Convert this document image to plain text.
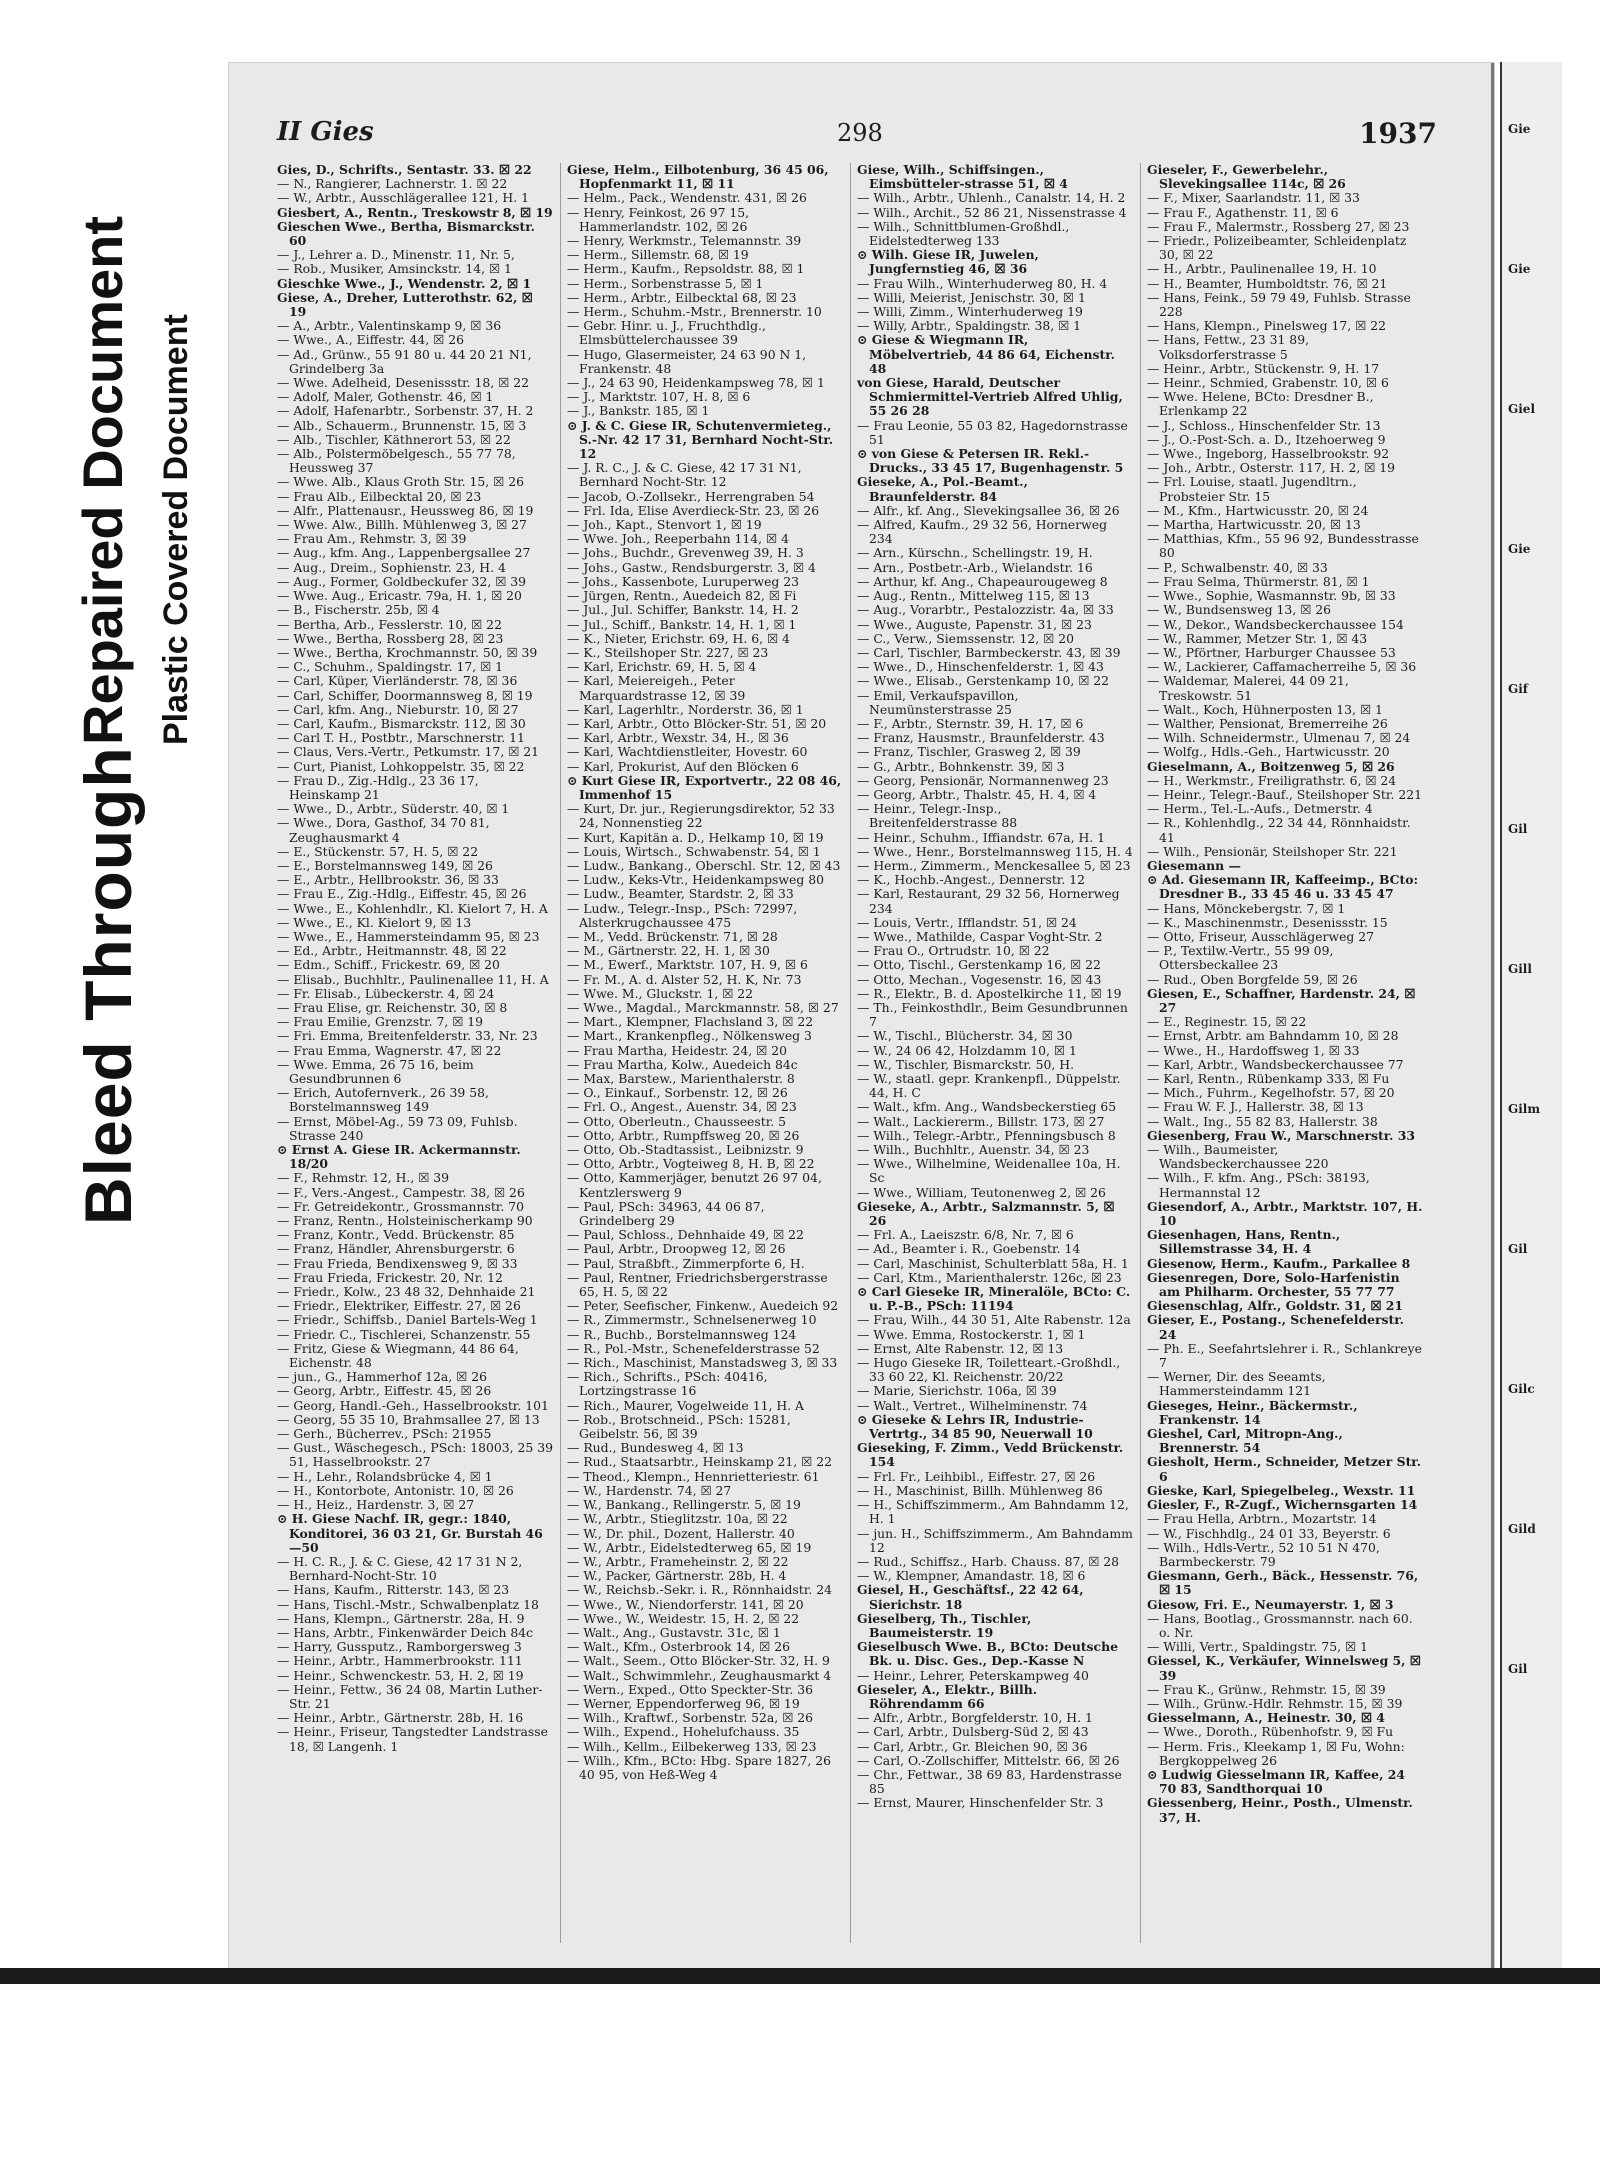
Bleed Through
Repaired Document Plastic Covered Document
II Gies	298	1937

Gies, D., Schrifts., Sentastr. 33. ☒ 22

— N., Rangierer, Lachnerstr. 1. ☒ 22

— W., Arbtr., Ausschlägerallee 121, H. 1

Giesbert, A., Rentn., Treskowstr 8, ☒ 19

Gieschen Wwe., Bertha, Bismarckstr. 60

— J., Lehrer a. D., Minenstr. 11, Nr. 5,

— Rob., Musiker, Amsinckstr. 14, ☒ 1

Gieschke Wwe., J., Wendenstr. 2, ☒ 1

Giese, A., Dreher, Lutterothstr. 62, ☒ 19

— A., Arbtr., Valentinskamp 9, ☒ 36

— Wwe., A., Eiffestr. 44, ☒ 26

— Ad., Grünw., 55 91 80 u. 44 20 21 N1, Grindelberg 3a

— Wwe. Adelheid, Desenissstr. 18, ☒ 22

— Adolf, Maler, Gothenstr. 46, ☒ 1

— Adolf, Hafenarbtr., Sorbenstr. 37, H. 2

— Alb., Schauerm., Brunnenstr. 15, ☒ 3

— Alb., Tischler, Käthnerort 53, ☒ 22

— Alb., Polstermöbelgesch., 55 77 78, Heussweg 37

— Wwe. Alb., Klaus Groth Str. 15, ☒ 26

— Frau Alb., Eilbecktal 20, ☒ 23

— Alfr., Plattenausr., Heussweg 86, ☒ 19

— Wwe. Alw., Billh. Mühlenweg 3, ☒ 27

— Frau Am., Rehmstr. 3, ☒ 39

— Aug., kfm. Ang., Lappenbergsallee 27

— Aug., Dreim., Sophienstr. 23, H. 4

— Aug., Former, Goldbeckufer 32, ☒ 39

— Wwe. Aug., Ericastr. 79a, H. 1, ☒ 20

— B., Fischerstr. 25b, ☒ 4

— Bertha, Arb., Fesslerstr. 10, ☒ 22

— Wwe., Bertha, Rossberg 28, ☒ 23

— Wwe., Bertha, Krochmannstr. 50, ☒ 39

— C., Schuhm., Spaldingstr. 17, ☒ 1

— Carl, Küper, Vierländerstr. 78, ☒ 36

— Carl, Schiffer, Doormannsweg 8, ☒ 19

— Carl, kfm. Ang., Nieburstr. 10, ☒ 27

— Carl, Kaufm., Bismarckstr. 112, ☒ 30

— Carl T. H., Postbtr., Marschnerstr. 11

— Claus, Vers.-Vertr., Petkumstr. 17, ☒ 21

— Curt, Pianist, Lohkoppelstr. 35, ☒ 22

— Frau D., Zig.-Hdlg., 23 36 17, Heinskamp 21

— Wwe., D., Arbtr., Süderstr. 40, ☒ 1

— Wwe., Dora, Gasthof, 34 70 81, Zeughausmarkt 4

— E., Stückenstr. 57, H. 5, ☒ 22

— E., Borstelmannsweg 149, ☒ 26

— E., Arbtr., Hellbrookstr. 36, ☒ 33

— Frau E., Zig.-Hdlg., Eiffestr. 45, ☒ 26

— Wwe., E., Kohlenhdlr., Kl. Kielort 7, H. A

— Wwe., E., Kl. Kielort 9, ☒ 13

— Wwe., E., Hammersteindamm 95, ☒ 23

— Ed., Arbtr., Heitmannstr. 48, ☒ 22

— Edm., Schiff., Frickestr. 69, ☒ 20

— Elisab., Buchhltr., Paulinenallee 11, H. A

— Fr. Elisab., Lübeckerstr. 4, ☒ 24

— Frau Elise, gr. Reichenstr. 30, ☒ 8

— Frau Emilie, Grenzstr. 7, ☒ 19

— Fri. Emma, Breitenfelderstr. 33, Nr. 23

— Frau Emma, Wagnerstr. 47, ☒ 22

— Wwe. Emma, 26 75 16, beim Gesundbrunnen 6

— Erich, Autofernverk., 26 39 58, Borstelmannsweg 149

— Ernst, Möbel-Ag., 59 73 09, Fuhlsb. Strasse 240

⊙ Ernst A. Giese IR. Ackermannstr. 18/20

— F., Rehmstr. 12, H., ☒ 39

— F., Vers.-Angest., Campestr. 38, ☒ 26

— Fr. Getreidekontr., Grossmannstr. 70

— Franz, Rentn., Holsteinischerkamp 90

— Franz, Kontr., Vedd. Brückenstr. 85

— Franz, Händler, Ahrensburgerstr. 6

— Frau Frieda, Bendixensweg 9, ☒ 33

— Frau Frieda, Frickestr. 20, Nr. 12

— Friedr., Kolw., 23 48 32, Dehnhaide 21

— Friedr., Elektriker, Eiffestr. 27, ☒ 26

— Friedr., Schiffsb., Daniel Bartels-Weg 1

— Friedr. C., Tischlerei, Schanzenstr. 55

— Fritz, Giese & Wiegmann, 44 86 64, Eichenstr. 48

— jun., G., Hammerhof 12a, ☒ 26

— Georg, Arbtr., Eiffestr. 45, ☒ 26

— Georg, Handl.-Geh., Hasselbrookstr. 101

— Georg, 55 35 10, Brahmsallee 27, ☒ 13

— Gerh., Bücherrev., PSch: 21955

— Gust., Wäschegesch., PSch: 18003, 25 39 51, Hasselbrookstr. 27

— H., Lehr., Rolandsbrücke 4, ☒ 1

— H., Kontorbote, Antonistr. 10, ☒ 26

— H., Heiz., Hardenstr. 3, ☒ 27

⊙ H. Giese Nachf. IR, gegr.: 1840, Konditorei, 36 03 21, Gr. Burstah 46—50

— H. C. R., J. & C. Giese, 42 17 31 N 2, Bernhard-Nocht-Str. 10

— Hans, Kaufm., Ritterstr. 143, ☒ 23

— Hans, Tischl.-Mstr., Schwalbenplatz 18

— Hans, Klempn., Gärtnerstr. 28a, H. 9

— Hans, Arbtr., Finkenwärder Deich 84c

— Harry, Gussputz., Ramborgersweg 3

— Heinr., Arbtr., Hammerbrookstr. 111

— Heinr., Schwenckestr. 53, H. 2, ☒ 19

— Heinr., Fettw., 36 24 08, Martin Luther-Str. 21

— Heinr., Arbtr., Gärtnerstr. 28b, H. 16

— Heinr., Friseur, Tangstedter Landstrasse 18, ☒ Langenh. 1

Giese, Helm., Eilbotenburg, 36 45 06, Hopfenmarkt 11, ☒ 11

— Helm., Pack., Wendenstr. 431, ☒ 26

— Henry, Feinkost, 26 97 15, Hammerlandstr. 102, ☒ 26

— Henry, Werkmstr., Telemannstr. 39

— Herm., Sillemstr. 68, ☒ 19

— Herm., Kaufm., Repsoldstr. 88, ☒ 1

— Herm., Sorbenstrasse 5, ☒ 1

— Herm., Arbtr., Eilbecktal 68, ☒ 23

— Herm., Schuhm.-Mstr., Brennerstr. 10

— Gebr. Hinr. u. J., Fruchthdlg., Elmsbüttelerchaussee 39

— Hugo, Glasermeister, 24 63 90 N 1, Frankenstr. 48

— J., 24 63 90, Heidenkampsweg 78, ☒ 1

— J., Marktstr. 107, H. 8, ☒ 6

— J., Bankstr. 185, ☒ 1

⊙ J. & C. Giese IR, Schutenvermieteg., S.-Nr. 42 17 31, Bernhard Nocht-Str. 12

— J. R. C., J. & C. Giese, 42 17 31 N1, Bernhard Nocht-Str. 12

— Jacob, O.-Zollsekr., Herrengraben 54

— Frl. Ida, Elise Averdieck-Str. 23, ☒ 26

— Joh., Kapt., Stenvort 1, ☒ 19

— Wwe. Joh., Reeperbahn 114, ☒ 4

— Johs., Buchdr., Grevenweg 39, H. 3

— Johs., Gastw., Rendsburgerstr. 3, ☒ 4

— Johs., Kassenbote, Luruperweg 23

— Jürgen, Rentn., Auedeich 82, ☒ Fi

— Jul., Jul. Schiffer, Bankstr. 14, H. 2

— Jul., Schiff., Bankstr. 14, H. 1, ☒ 1

— K., Nieter, Erichstr. 69, H. 6, ☒ 4

— K., Steilshoper Str. 227, ☒ 23

— Karl, Erichstr. 69, H. 5, ☒ 4

— Karl, Meiereigeh., Peter Marquardstrasse 12, ☒ 39

— Karl, Lagerhltr., Norderstr. 36, ☒ 1

— Karl, Arbtr., Otto Blöcker-Str. 51, ☒ 20

— Karl, Arbtr., Wexstr. 34, H., ☒ 36

— Karl, Wachtdienstleiter, Hovestr. 60

— Karl, Prokurist, Auf den Blöcken 6

⊙ Kurt Giese IR, Exportvertr., 22 08 46, Immenhof 15

— Kurt, Dr. jur., Regierungsdirektor, 52 33 24, Nonnenstieg 22

— Kurt, Kapitän a. D., Helkamp 10, ☒ 19

— Louis, Wirtsch., Schwabenstr. 54, ☒ 1

— Ludw., Bankang., Oberschl. Str. 12, ☒ 43

— Ludw., Keks-Vtr., Heidenkampsweg 80

— Ludw., Beamter, Stardstr. 2, ☒ 33

— Ludw., Telegr.-Insp., PSch: 72997, Alsterkrugchaussee 475

— M., Vedd. Brückenstr. 71, ☒ 28

— M., Gärtnerstr. 22, H. 1, ☒ 30

— M., Ewerf., Marktstr. 107, H. 9, ☒ 6

— Fr. M., A. d. Alster 52, H. K, Nr. 73

— Wwe. M., Gluckstr. 1, ☒ 22

— Wwe., Magdal., Marckmannstr. 58, ☒ 27

— Mart., Klempner, Flachsland 3, ☒ 22

— Mart., Krankenpfleg., Nölkensweg 3

— Frau Martha, Heidestr. 24, ☒ 20

— Frau Martha, Kolw., Auedeich 84c

— Max, Barstew., Marienthalerstr. 8

— O., Einkauf., Sorbenstr. 12, ☒ 26

— Frl. O., Angest., Auenstr. 34, ☒ 23

— Otto, Oberleutn., Chausseestr. 5

— Otto, Arbtr., Rumpffsweg 20, ☒ 26

— Otto, Ob.-Stadtassist., Leibnizstr. 9

— Otto, Arbtr., Vogteiweg 8, H. B, ☒ 22

— Otto, Kammerjäger, benutzt 26 97 04, Kentzlerswerg 9

— Paul, PSch: 34963, 44 06 87, Grindelberg 29

— Paul, Schloss., Dehnhaide 49, ☒ 22

— Paul, Arbtr., Droopweg 12, ☒ 26

— Paul, Straßbft., Zimmerpforte 6, H.

— Paul, Rentner, Friedrichsbergerstrasse 65, H. 5, ☒ 22

— Peter, Seefischer, Finkenw., Auedeich 92

— R., Zimmermstr., Schnelsenerweg 10

— R., Buchb., Borstelmannsweg 124

— R., Pol.-Mstr., Schenefelderstrasse 52

— Rich., Maschinist, Manstadsweg 3, ☒ 33

— Rich., Schrifts., PSch: 40416, Lortzingstrasse 16

— Rich., Maurer, Vogelweide 11, H. A

— Rob., Brotschneid., PSch: 15281, Geibelstr. 56, ☒ 39

— Rud., Bundesweg 4, ☒ 13

— Rud., Staatsarbtr., Heinskamp 21, ☒ 22

— Theod., Klempn., Hennrietteriestr. 61

— W., Hardenstr. 74, ☒ 27

— W., Bankang., Rellingerstr. 5, ☒ 19

— W., Arbtr., Stieglitzstr. 10a, ☒ 22

— W., Dr. phil., Dozent, Hallerstr. 40

— W., Arbtr., Eidelstedterweg 65, ☒ 19

— W., Arbtr., Frameheinstr. 2, ☒ 22

— W., Packer, Gärtnerstr. 28b, H. 4

— W., Reichsb.-Sekr. i. R., Rönnhaidstr. 24

— Wwe., W., Niendorferstr. 141, ☒ 20

— Wwe., W., Weidestr. 15, H. 2, ☒ 22

— Walt., Ang., Gustavstr. 31c, ☒ 1

— Walt., Kfm., Osterbrook 14, ☒ 26

— Walt., Seem., Otto Blöcker-Str. 32, H. 9

— Walt., Schwimmlehr., Zeughausmarkt 4

— Wern., Exped., Otto Speckter-Str. 36

— Werner, Eppendorferweg 96, ☒ 19

— Wilh., Kraftwf., Sorbenstr. 52a, ☒ 26

— Wilh., Expend., Hohelufchauss. 35

— Wilh., Kellm., Eilbekerweg 133, ☒ 23

— Wilh., Kfm., BCto: Hbg. Spare 1827, 26 40 95, von Heß-Weg 4

Giese, Wilh., Schiffsingen., Eimsbütteler-strasse 51, ☒ 4

— Wilh., Arbtr., Uhlenh., Canalstr. 14, H. 2

— Wilh., Archit., 52 86 21, Nissenstrasse 4

— Wilh., Schnittblumen-Großhdl., Eidelstedterweg 133

⊙ Wilh. Giese IR, Juwelen, Jungfernstieg 46, ☒ 36

— Frau Wilh., Winterhuderweg 80, H. 4

— Willi, Meierist, Jenischstr. 30, ☒ 1

— Willi, Zimm., Winterhuderweg 19

— Willy, Arbtr., Spaldingstr. 38, ☒ 1

⊙ Giese & Wiegmann IR, Möbelvertrieb, 44 86 64, Eichenstr. 48

von Giese, Harald, Deutscher Schmiermittel-Vertrieb Alfred Uhlig, 55 26 28

— Frau Leonie, 55 03 82, Hagedornstrasse 51

⊙ von Giese & Petersen IR. Rekl.-Drucks., 33 45 17, Bugenhagenstr. 5

Gieseke, A., Pol.-Beamt., Braunfelderstr. 84

— Alfr., kf. Ang., Slevekingsallee 36, ☒ 26

— Alfred, Kaufm., 29 32 56, Hornerweg 234

— Arn., Kürschn., Schellingstr. 19, H.

— Arn., Postbetr.-Arb., Wielandstr. 16

— Arthur, kf. Ang., Chapeaurougeweg 8

— Aug., Rentn., Mittelweg 115, ☒ 13

— Aug., Vorarbtr., Pestalozzistr. 4a, ☒ 33

— Wwe., Auguste, Papenstr. 31, ☒ 23

— C., Verw., Siemssenstr. 12, ☒ 20

— Carl, Tischler, Barmbeckerstr. 43, ☒ 39

— Wwe., D., Hinschenfelderstr. 1, ☒ 43

— Wwe., Elisab., Gerstenkamp 10, ☒ 22

— Emil, Verkaufspavillon, Neumünsterstrasse 25

— F., Arbtr., Sternstr. 39, H. 17, ☒ 6

— Franz, Hausmstr., Braunfelderstr. 43

— Franz, Tischler, Grasweg 2, ☒ 39

— G., Arbtr., Bohnkenstr. 39, ☒ 3

— Georg, Pensionär, Normannenweg 23

— Georg, Arbtr., Thalstr. 45, H. 4, ☒ 4

— Heinr., Telegr.-Insp., Breitenfelderstrasse 88

— Heinr., Schuhm., Iffiandstr. 67a, H. 1

— Wwe., Henr., Borstelmannsweg 115, H. 4

— Herm., Zimmerm., Menckesallee 5, ☒ 23

— K., Hochb.-Angest., Dennerstr. 12

— Karl, Restaurant, 29 32 56, Hornerweg 234

— Louis, Vertr., Ifflandstr. 51, ☒ 24

— Wwe., Mathilde, Caspar Voght-Str. 2

— Frau O., Ortrudstr. 10, ☒ 22

— Otto, Tischl., Gerstenkamp 16, ☒ 22

— Otto, Mechan., Vogesenstr. 16, ☒ 43

— R., Elektr., B. d. Apostelkirche 11, ☒ 19

— Th., Feinkosthdlr., Beim Gesundbrunnen 7

— W., Tischl., Blücherstr. 34, ☒ 30

— W., 24 06 42, Holzdamm 10, ☒ 1

— W., Tischler, Bismarckstr. 50, H.

— W., staatl. gepr. Krankenpfl., Düppelstr. 44, H. C

— Walt., kfm. Ang., Wandsbeckerstieg 65

— Walt., Lackiererm., Billstr. 173, ☒ 27

— Wilh., Telegr.-Arbtr., Pfenningsbusch 8

— Wilh., Buchhltr., Auenstr. 34, ☒ 23

— Wwe., Wilhelmine, Weidenallee 10a, H. Sc

— Wwe., William, Teutonenweg 2, ☒ 26

Gieseke, A., Arbtr., Salzmannstr. 5, ☒ 26

— Frl. A., Laeiszstr. 6/8, Nr. 7, ☒ 6

— Ad., Beamter i. R., Goebenstr. 14

— Carl, Maschinist, Schulterblatt 58a, H. 1

— Carl, Ktm., Marienthalerstr. 126c, ☒ 23

⊙ Carl Gieseke IR, Mineralöle, BCto: C. u. P.-B., PSch: 11194

— Frau, Wilh., 44 30 51, Alte Rabenstr. 12a

— Wwe. Emma, Rostockerstr. 1, ☒ 1

— Ernst, Alte Rabenstr. 12, ☒ 13

— Hugo Gieseke IR, Toiletteart.-Großhdl., 33 60 22, Kl. Reichenstr. 20/22

— Marie, Sierichstr. 106a, ☒ 39

— Walt., Vertret., Wilhelminenstr. 74

⊙ Gieseke & Lehrs IR, Industrie-Vertrtg., 34 85 90, Neuerwall 10

Gieseking, F. Zimm., Vedd Brückenstr. 154

— Frl. Fr., Leihbibl., Eiffestr. 27, ☒ 26

— H., Maschinist, Billh. Mühlenweg 86

— H., Schiffszimmerm., Am Bahndamm 12, H. 1

— jun. H., Schiffszimmerm., Am Bahndamm 12

— Rud., Schiffsz., Harb. Chauss. 87, ☒ 28

— W., Klempner, Amandastr. 18, ☒ 6

Giesel, H., Geschäftsf., 22 42 64, Sierichstr. 18

Gieselberg, Th., Tischler, Baumeisterstr. 19

Gieselbusch Wwe. B., BCto: Deutsche Bk. u. Disc. Ges., Dep.-Kasse N

— Heinr., Lehrer, Peterskampweg 40

Gieseler, A., Elektr., Billh. Röhrendamm 66

— Alfr., Arbtr., Borgfelderstr. 10, H. 1

— Carl, Arbtr., Dulsberg-Süd 2, ☒ 43

— Carl, Arbtr., Gr. Bleichen 90, ☒ 36

— Carl, O.-Zollschiffer, Mittelstr. 66, ☒ 26

— Chr., Fettwar., 38 69 83, Hardenstrasse 85

— Ernst, Maurer, Hinschenfelder Str. 3

Gieseler, F., Gewerbelehr., Slevekingsallee 114c, ☒ 26

— F., Mixer, Saarlandstr. 11, ☒ 33

— Frau F., Agathenstr. 11, ☒ 6

— Frau F., Malermstr., Rossberg 27, ☒ 23

— Friedr., Polizeibeamter, Schleidenplatz 30, ☒ 22

— H., Arbtr., Paulinenallee 19, H. 10

— H., Beamter, Humboldtstr. 76, ☒ 21

— Hans, Feink., 59 79 49, Fuhlsb. Strasse 228

— Hans, Klempn., Pinelsweg 17, ☒ 22

— Hans, Fettw., 23 31 89, Volksdorferstrasse 5

— Heinr., Arbtr., Stückenstr. 9, H. 17

— Heinr., Schmied, Grabenstr. 10, ☒ 6

— Wwe. Helene, BCto: Dresdner B., Erlenkamp 22

— J., Schloss., Hinschenfelder Str. 13

— J., O.-Post-Sch. a. D., Itzehoerweg 9

— Wwe., Ingeborg, Hasselbrookstr. 92

— Joh., Arbtr., Osterstr. 117, H. 2, ☒ 19

— Frl. Louise, staatl. Jugendltrn., Probsteier Str. 15

— M., Kfm., Hartwicusstr. 20, ☒ 24

— Martha, Hartwicusstr. 20, ☒ 13

— Matthias, Kfm., 55 96 92, Bundesstrasse 80

— P., Schwalbenstr. 40, ☒ 33

— Frau Selma, Thürmerstr. 81, ☒ 1

— Wwe., Sophie, Wasmannstr. 9b, ☒ 33

— W., Bundsensweg 13, ☒ 26

— W., Dekor., Wandsbeckerchaussee 154

— W., Rammer, Metzer Str. 1, ☒ 43

— W., Pförtner, Harburger Chaussee 53

— W., Lackierer, Caffamacherreihe 5, ☒ 36

— Waldemar, Malerei, 44 09 21, Treskowstr. 51

— Walt., Koch, Hühnerposten 13, ☒ 1

— Walther, Pensionat, Bremerreihe 26

— Wilh. Schneidermstr., Ulmenau 7, ☒ 24

— Wolfg., Hdls.-Geh., Hartwicusstr. 20

Gieselmann, A., Boitzenweg 5, ☒ 26

— H., Werkmstr., Freiligrathstr. 6, ☒ 24

— Heinr., Telegr.-Bauf., Steilshoper Str. 221

— Herm., Tel.-L.-Aufs., Detmerstr. 4

— R., Kohlenhdlg., 22 34 44, Rönnhaidstr. 41

— Wilh., Pensionär, Steilshoper Str. 221

Giesemann —

⊙ Ad. Giesemann IR, Kaffeeimp., BCto: Dresdner B., 33 45 46 u. 33 45 47

— Hans, Mönckebergstr. 7, ☒ 1

— K., Maschinenmstr., Desenissstr. 15

— Otto, Friseur, Ausschlägerweg 27

— P., Textilw.-Vertr., 55 99 09, Ottersbeckallee 23

— Rud., Oben Borgfelde 59, ☒ 26

Giesen, E., Schaffner, Hardenstr. 24, ☒ 27

— E., Reginestr. 15, ☒ 22

— Ernst, Arbtr. am Bahndamm 10, ☒ 28

— Wwe., H., Hardoffsweg 1, ☒ 33

— Karl, Arbtr., Wandsbeckerchaussee 77

— Karl, Rentn., Rübenkamp 333, ☒ Fu

— Mich., Fuhrm., Kegelhofstr. 57, ☒ 20

— Frau W. F. J., Hallerstr. 38, ☒ 13

— Walt., Ing., 55 82 83, Hallerstr. 38

Giesenberg, Frau W., Marschnerstr. 33

— Wilh., Baumeister, Wandsbeckerchaussee 220

— Wilh., F. kfm. Ang., PSch: 38193, Hermannstal 12

Giesendorf, A., Arbtr., Marktstr. 107, H. 10

Giesenhagen, Hans, Rentn., Sillemstrasse 34, H. 4

Giesenow, Herm., Kaufm., Parkallee 8

Giesenregen, Dore, Solo-Harfenistin am Philharm. Orchester, 55 77 77

Giesenschlag, Alfr., Goldstr. 31, ☒ 21

Gieser, E., Postang., Schenefelderstr. 24

— Ph. E., Seefahrtslehrer i. R., Schlankreye 7

— Werner, Dir. des Seeamts, Hammersteindamm 121

Gieseges, Heinr., Bäckermstr., Frankenstr. 14

Gieshel, Carl, Mitropn-Ang., Brennerstr. 54

Giesholt, Herm., Schneider, Metzer Str. 6

Gieske, Karl, Spiegelbeleg., Wexstr. 11

Giesler, F., R-Zugf., Wichernsgarten 14

— Frau Hella, Arbtrn., Mozartstr. 14

— W., Fischhdlg., 24 01 33, Beyerstr. 6

— Wilh., Hdls-Vertr., 52 10 51 N 470, Barmbeckerstr. 79

Giesmann, Gerh., Bäck., Hessenstr. 76, ☒ 15

Giesow, Fri. E., Neumayerstr. 1, ☒ 3

— Hans, Bootlag., Grossmannstr. nach 60. o. Nr.

— Willi, Vertr., Spaldingstr. 75, ☒ 1

Giessel, K., Verkäufer, Winnelsweg 5, ☒ 39

— Frau K., Grünw., Rehmstr. 15, ☒ 39

— Wilh., Grünw.-Hdlr. Rehmstr. 15, ☒ 39

Giesselmann, A., Heinestr. 30, ☒ 4

— Wwe., Doroth., Rübenhofstr. 9, ☒ Fu

— Herm. Fris., Kleekamp 1, ☒ Fu, Wohn: Bergkoppelweg 26

⊙ Ludwig Giesselmann IR, Kaffee, 24 70 83, Sandthorquai 10

Giessenberg, Heinr., Posth., Ulmenstr. 37, H.

Gie
Gie
Giel
Gie
Gif
Gil
Gill
Gilm
Gil
Gilc
Gild
Gil
